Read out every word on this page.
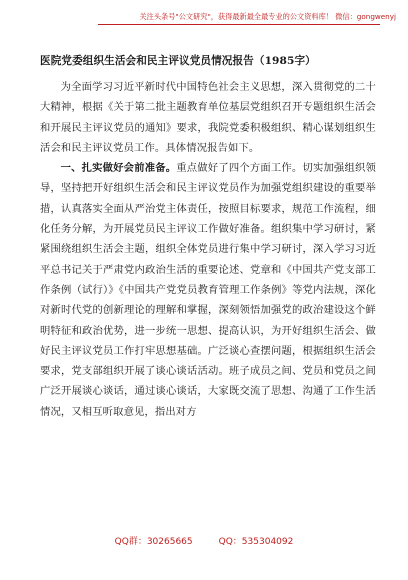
关注头条号"公文研究"，获得最新最全最专业的公文资料库！ 微信：gongwenyj
医院党委组织生活会和民主评议党员情况报告（1985字）

为全面学习习近平新时代中国特色社会主义思想，深入贯彻党的二十大精神，根据《关于第二批主题教育单位基层党组织召开专题组织生活会和开展民主评议党员的通知》要求，我院党委积极组织、精心谋划组织生活会和民主评议党员工作。具体情况报告如下。

一、扎实做好会前准备。重点做好了四个方面工作。切实加强组织领导，坚持把开好组织生活会和民主评议党员作为加强党组织建设的重要举措，认真落实全面从严治党主体责任，按照目标要求，规范工作流程，细化任务分解，为开展党员民主评议工作做好准备。组织集中学习研讨，紧紧围绕组织生活会主题，组织全体党员进行集中学习研讨，深入学习习近平总书记关于严肃党内政治生活的重要论述、党章和《中国共产党支部工作条例（试行）》《中国共产党党员教育管理工作条例》等党内法规，深化对新时代党的创新理论的理解和掌握，深刻领悟加强党的政治建设这个鲜明特征和政治优势，进一步统一思想、提高认识，为开好组织生活会、做好民主评议党员工作打牢思想基础。广泛谈心查摆问题，根据组织生活会要求，党支部组织开展了谈心谈话活动。班子成员之间、党员和党员之间广泛开展谈心谈话，通过谈心谈话，大家既交流了思想、沟通了工作生活情况，又相互听取意见，指出对方

QQ群：30265665	QQ：535304092
